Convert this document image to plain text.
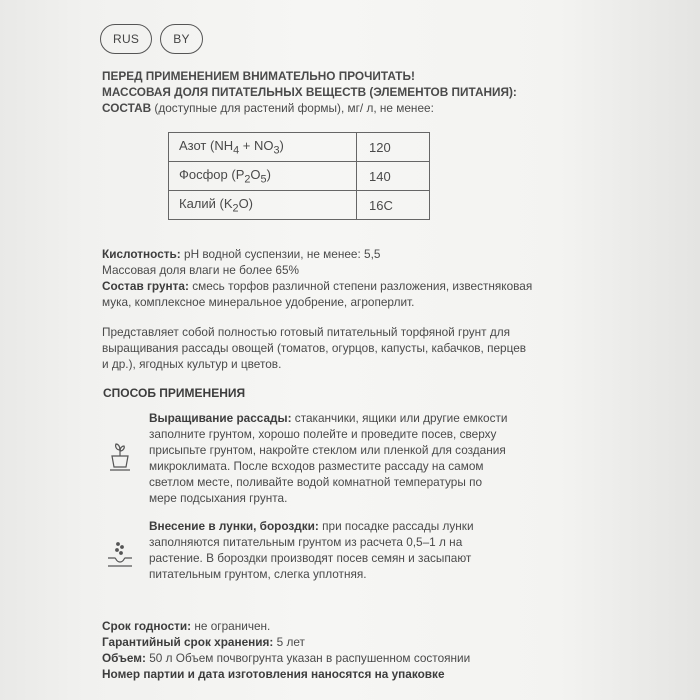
RUS	BY
ПЕРЕД ПРИМЕНЕНИЕМ ВНИМАТЕЛЬНО ПРОЧИТАТЬ!
МАССОВАЯ ДОЛЯ ПИТАТЕЛЬНЫХ ВЕЩЕСТВ (ЭЛЕМЕНТОВ ПИТАНИЯ):
СОСТАВ (доступные для растений формы), мг/ л, не менее:
Азот $(NH_4 + NO_3)$	120
Фосфор $(P_2O_5)$	140
Калий $(K_2O)$	16С
Кислотность: pH водной суспензии, не менее: 5,5
Массовая доля влаги не более 65%
Состав грунта: смесь торфов различной степени разложения, известняковая мука, комплексное минеральное удобрение, агроперлит.
Представляет собой полностью готовый питательный торфяной грунт для выращивания рассады овощей (томатов, огурцов, капусты, кабачков, перцев и др.), ягодных культур и цветов.
СПОСОБ ПРИМЕНЕНИЯ
Выращивание рассады: стаканчики, ящики или другие емкости заполните грунтом, хорошо полейте и проведите посев, сверху присыпьте грунтом, накройте стеклом или пленкой для создания микроклимата. После всходов разместите рассаду на самом светлом месте, поливайте водой комнатной температуры по мере подсыхания грунта.
Внесение в лунки, бороздки: при посадке рассады лунки заполняются питательным грунтом из расчета 0,5–1 л на растение. В бороздки производят посев семян и засыпают питательным грунтом, слегка уплотняя.
Срок годности: не ограничен.
Гарантийный срок хранения: 5 лет
Объем: 50 л Объем почвогрунта указан в распушенном состоянии
Номер партии и дата изготовления наносятся на упаковке
